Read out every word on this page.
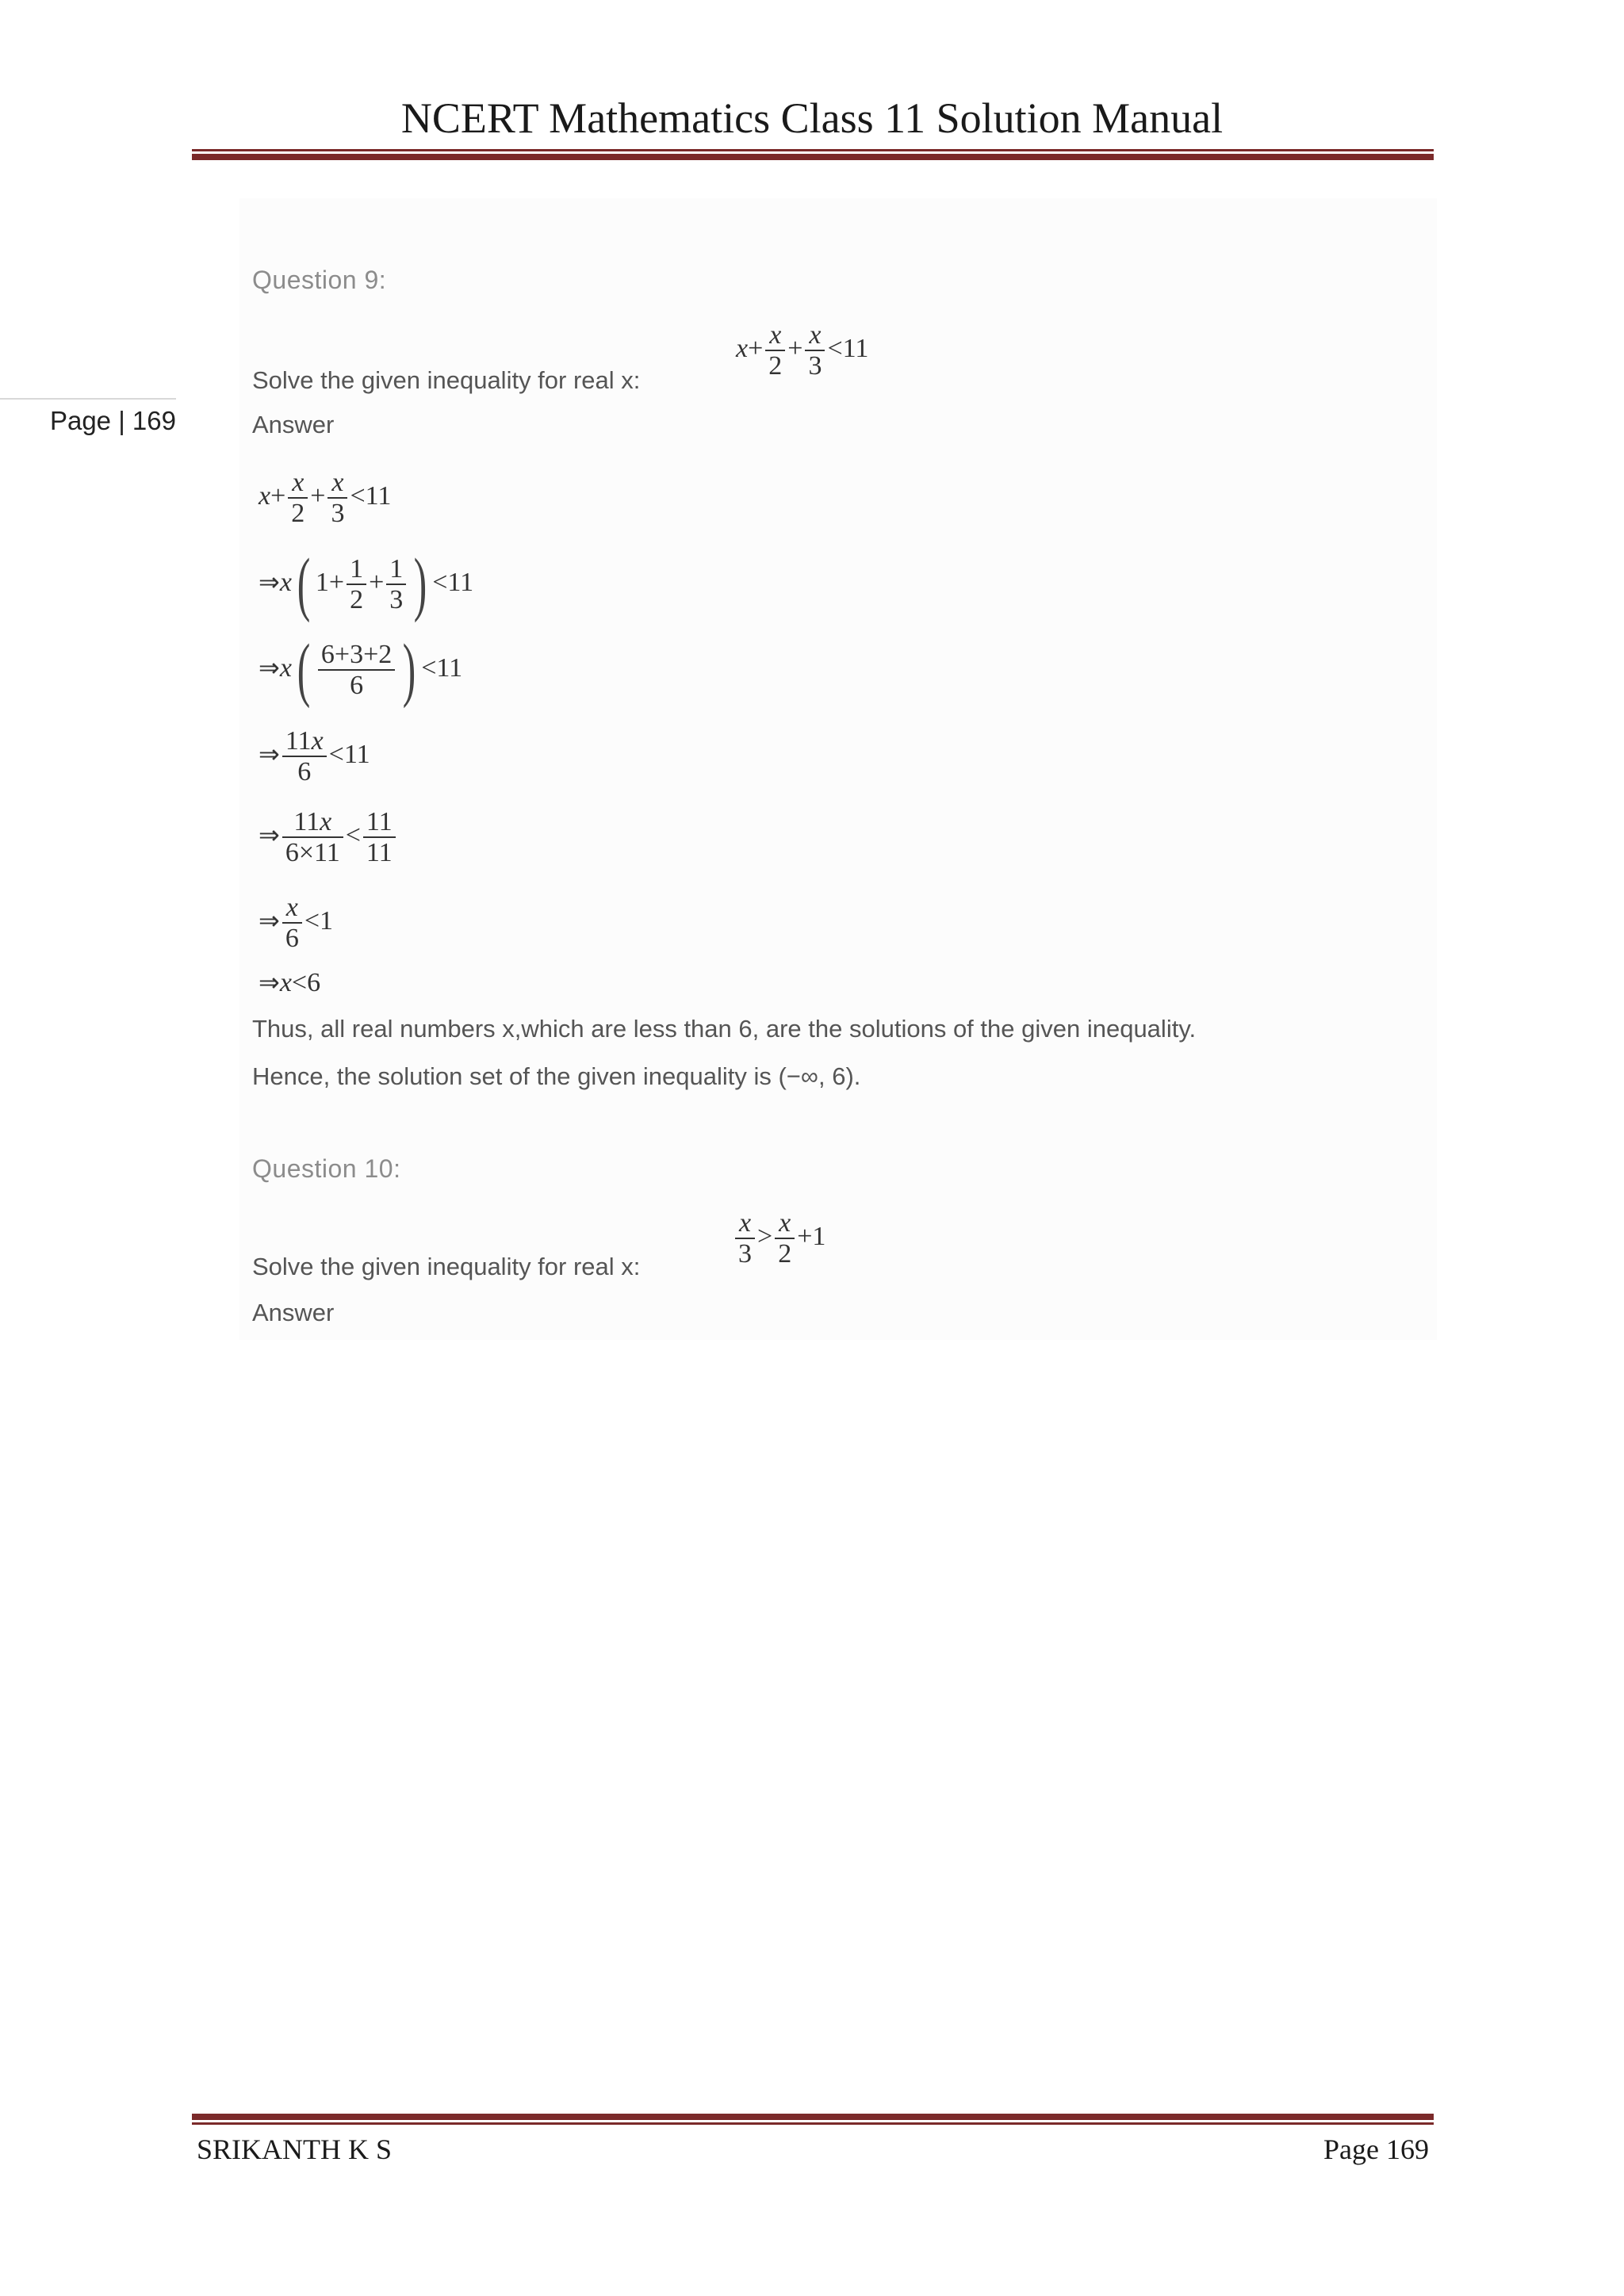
NCERT Mathematics Class 11 Solution Manual
Page | 169
Question 9:
Solve the given inequality for real x:
$x+ \frac{x}{2} + \frac{x}{3} <11$
Answer
$x+ \frac{x}{2} + \frac{x}{3} <11$
⇒x( $1+ \frac{1}{2} + \frac{1}{3}$ ) <11
⇒x( $\frac{6+3+2}{6}$ ) <11
⇒ $\frac{11x}{6} <11$
⇒ $\frac{11x}{6\times 11} < \frac{11}{11}$
⇒ $\frac{x}{6} <1$
⇒x<6
Thus, all real numbers x,which are less than 6, are the solutions of the given inequality.
Hence, the solution set of the given inequality is (−∞, 6).
Question 10:
Solve the given inequality for real x:	$\frac{x}{3} > \frac{x}{2} +1$
Answer
SRIKANTH K S	Page 169
